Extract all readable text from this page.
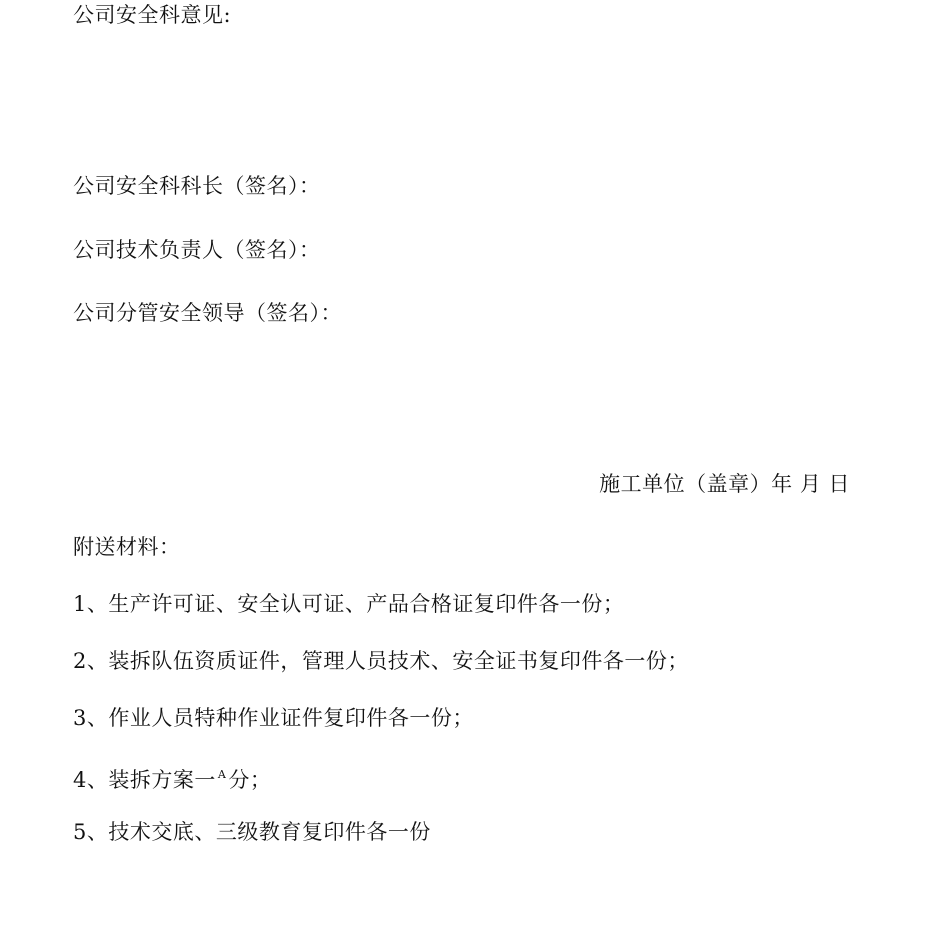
公司安全科意见:
公司安全科科长（签名）：
公司技术负责人（签名）：
公司分管安全领导（签名）：
施工单位（盖章）年 月 日
附送材料：
1、生产许可证、安全认可证、产品合格证复印件各一份；
2、装拆队伍资质证件，管理人员技术、安全证书复印件各一份；
3、作业人员特种作业证件复印件各一份；
4、装拆方案一 $^A$分；
5、技术交底、三级教育复印件各一份
